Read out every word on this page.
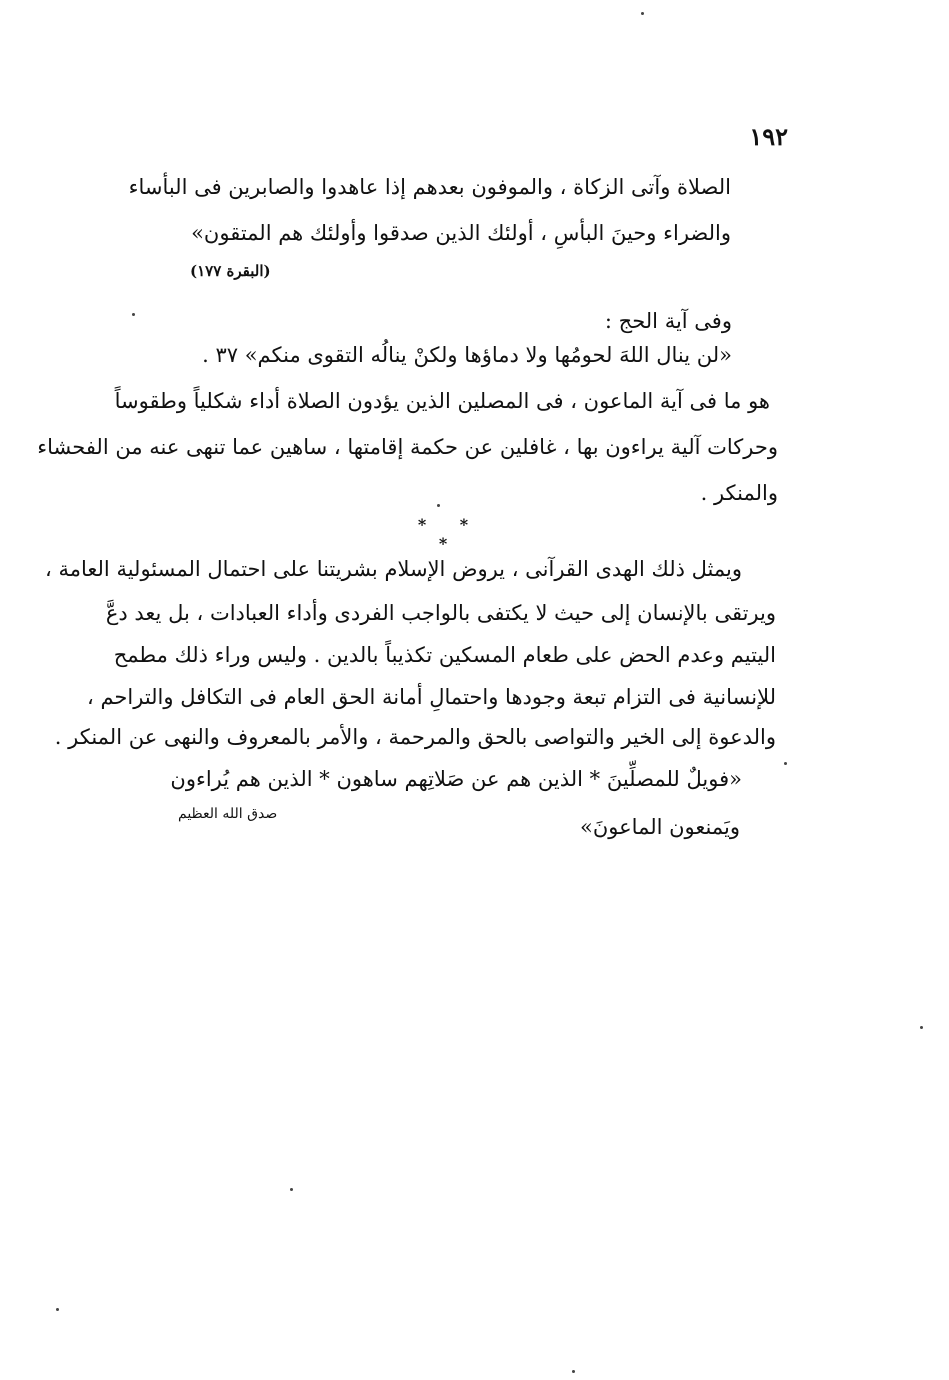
١٩٢
الصلاة وآتى الزكاة ، والموفون بعدهم إذا عاهدوا والصابرين فى البأساء
والضراء وحينَ البأسِ ، أولئك الذين صدقوا وأولئك هم المتقون»
(البقرة ١٧٧)
وفى آية الحج :
«لن ينال اللهَ لحومُها ولا دماؤها ولكنْ ينالُه التقوى منكم» ٣٧ .
هو ما فى آية الماعون ، فى المصلين الذين يؤدون الصلاة أداء شكلياً وطقوساً
وحركات آلية يراءون بها ، غافلين عن حكمة إقامتها ، ساهين عما تنهى عنه من الفحشاء
والمنكر .
* * *
ويمثل ذلك الهدى القرآنى ، يروض الإسلام بشريتنا على احتمال المسئولية العامة ،
ويرتقى بالإنسان إلى حيث لا يكتفى بالواجب الفردى وأداء العبادات ، بل يعد دعَّ
اليتيم وعدم الحض على طعام المسكين تكذيباً بالدين . وليس وراء ذلك مطمح
للإنسانية فى التزام تبعة وجودها واحتمالِ أمانة الحق العام فى التكافل والتراحم ،
والدعوة إلى الخير والتواصى بالحق والمرحمة ، والأمر بالمعروف والنهى عن المنكر .
«فويلٌ للمصلِّينَ * الذين هم عن صَلاتِهم ساهون * الذين هم يُراءون
ويَمنعون الماعونَ»
صدق الله العظيم
